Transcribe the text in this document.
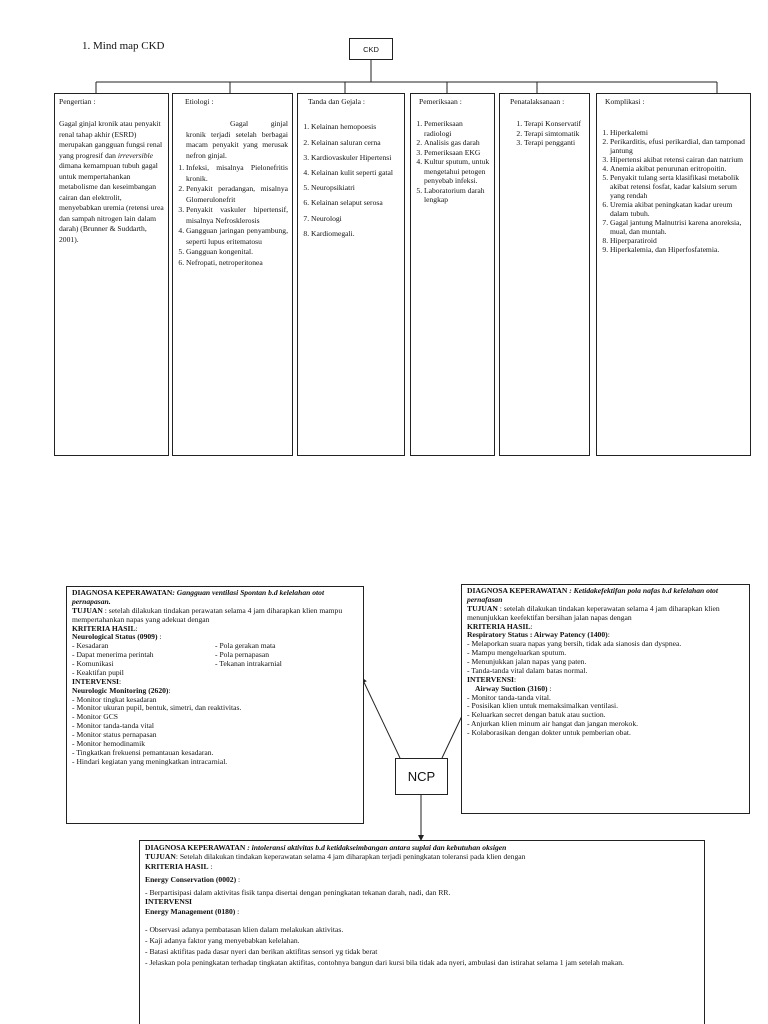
1. Mind map CKD	CKD
Pengertian :

Gagal ginjal kronik atau penyakit renal tahap akhir (ESRD) merupakan gangguan fungsi renal yang progresif dan irreversible dimana kemampuan tubuh gagal untuk mempertahankan metabolisme dan keseimbangan cairan dan elektrolit, menyebabkan uremia (retensi urea dan sampah nitrogen lain dalam darah) (Brunner & Suddarth, 2001).

Etiologi :

Gagal ginjal kronik terjadi setelah berbagai macam penyakit yang merusak nefron ginjal.

1. Infeksi, misalnya Pielonefritis kronik.
2. Penyakit peradangan, misalnya Glomerulonefrit
3. Penyakit vaskuler hipertensif, misalnya Nefrosklerosis
4. Gangguan jaringan penyambung, seperti lupus eritematosu
5. Gangguan kongenital.
6. Nefropati, netroperitonea
Tanda dan Gejala :
1. Kelainan hemopoesis
2. Kelainan saluran cerna
3. Kardiovaskuler Hipertensi
4. Kelainan kulit seperti gatal
5. Neuropsikiatri
6. Kelainan selaput serosa
7. Neurologi
8. Kardiomegali.
Pemeriksaan :
1. Pemeriksaan radiologi
2. Analisis gas darah
3. Pemeriksaan EKG
4. Kultur sputum, untuk mengetahui petogen penyebab infeksi.
5. Laboratorium darah lengkap
Penatalaksanaan :
1. Terapi Konservatif
2. Terapi simtomatik
3. Terapi pengganti
Komplikasi :
1. Hiperkalemi
2. Perikarditis, efusi perikardial, dan tamponad jantung
3. Hipertensi akibat retensi cairan dan natrium
4. Anemia akibat penurunan eritropoitin.
5. Penyakit tulang serta klasifikasi metabolik akibat retensi fosfat, kadar kalsium serum yang rendah
6. Uremia akibat peningkatan kadar ureum dalam tubuh.
7. Gagal jantung Malnutrisi karena anoreksia, mual, dan muntah.
8. Hiperparatiroid
9. Hiperkalemia, dan Hiperfosfatemia.
NCP
DIAGNOSA KEPERAWATAN: Gangguan ventilasi Spontan b.d kelelahan otot pernapasan.
TUJUAN : setelah dilakukan tindakan perawatan selama 4 jam diharapkan klien mampu mempertahankan napas yang adekuat dengan
KRITERIA HASIL:
Neurological Status (0909) :
- Kesadaran
- Dapat menerima perintah
- Komunikasi
- Keaktifan pupil
- Pola gerakan mata
- Pola pernapasan
- Tekanan intrakarnial
INTERVENSI:
Neurologic Monitoring (2620):
- Monitor tingkat kesadaran
- Monitor ukuran pupil, bentuk, simetri, dan reaktivitas.
- Monitor GCS
- Monitor tanda-tanda vital
- Monitor status pernapasan
- Monitor hemodinamik
- Tingkatkan frekuensi pemantauan kesadaran.
- Hindari kegiatan yang meningkatkan intracarnial.
DIAGNOSA KEPERAWATAN : Ketidakefektifan pola nafas b.d kelelahan otot pernafasan
TUJUAN : setelah dilakukan tindakan keperawatan selama 4 jam diharapkan klien menunjukkan keefektifan bersihan jalan napas dengan
KRITERIA HASIL:
Respiratory Status : Airway Patency (1400):
- Melaporkan suara napas yang bersih, tidak ada sianosis dan dyspnea.
- Mampu mengeluarkan sputum.
- Menunjukkan jalan napas yang paten.
- Tanda-tanda vital dalam batas normal.
INTERVENSI:
Airway Suction (3160) :
- Monitor tanda-tanda vital.
- Posisikan klien untuk memaksimalkan ventilasi.
- Keluarkan secret dengan batuk atau suction.
- Anjurkan klien minum air hangat dan jangan merokok.
- Kolaborasikan dengan dokter untuk pemberian obat.
DIAGNOSA KEPERAWATAN : intoleransi aktivitas b.d ketidakseimbangan antara suplai dan kebutuhan oksigen
TUJUAN: Setelah dilakukan tindakan keperawatan selama 4 jam diharapkan terjadi peningkatan toleransi pada klien dengan
KRITERIA HASIL :
Energy Conservation (0002) :
- Berpartisipasi dalam aktivitas fisik tanpa disertai dengan peningkatan tekanan darah, nadi, dan RR.
INTERVENSI
Energy Management (0180) :
- Observasi adanya pembatasan klien dalam melakukan aktivitas.
- Kaji adanya faktor yang menyebabkan kelelahan.
- Batasi aktifitas pada dasar nyeri dan berikan aktifitas sensori yg tidak berat
- Jelaskan pola peningkatan terhadap tingkatan aktifitas, contohnya bangun dari kursi bila tidak ada nyeri, ambulasi dan istirahat selama 1 jam setelah makan.
